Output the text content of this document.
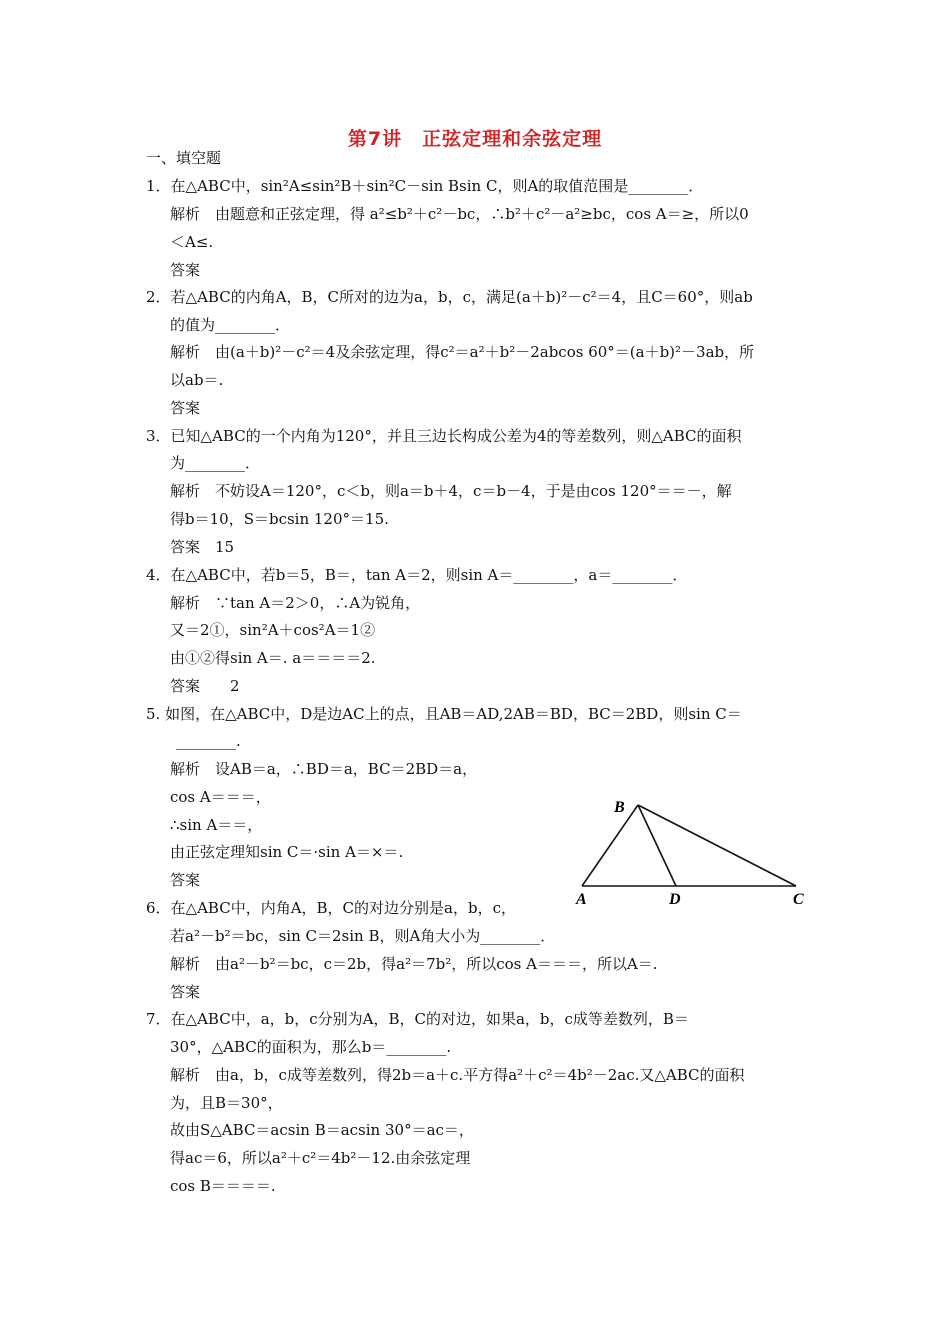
第7讲　正弦定理和余弦定理
一、填空题
1．在△ABC中，sin²A≤sin²B＋sin²C－sin Bsin C，则A的取值范围是________．
解析　由题意和正弦定理，得 a²≤b²＋c²－bc，∴b²＋c²－a²≥bc，cos A＝≥，所以0
＜A≤.
答案
2．若△ABC的内角A，B，C所对的边为a，b，c，满足(a＋b)²－c²＝4，且C＝60°，则ab
的值为________．
解析　由(a＋b)²－c²＝4及余弦定理，得c²＝a²＋b²－2abcos 60°＝(a＋b)²－3ab，所
以ab＝.
答案
3．已知△ABC的一个内角为120°，并且三边长构成公差为4的等差数列，则△ABC的面积
为________．
解析　不妨设A＝120°，c＜b，则a＝b＋4，c＝b－4，于是由cos 120°＝＝－，解
得b＝10，S＝bcsin 120°＝15.
答案　15
4．在△ABC中，若b＝5，B＝，tan A＝2，则sin A＝________，a＝________．
解析　∵tan A＝2＞0，∴A为锐角，
又＝2①，sin²A＋cos²A＝1②
由①②得sin A＝. a＝＝＝＝2.
答案　　2
5. 如图，在△ABC中，D是边AC上的点，且AB＝AD,2AB＝BD，BC＝2BD，则sin C＝
________.
解析　设AB＝a，∴BD＝a，BC＝2BD＝a，
cos A＝＝＝，
∴sin A＝＝，
由正弦定理知sin C＝·sin A＝×＝.
答案
B
A	D	C
6．在△ABC中，内角A，B，C的对边分别是a，b，c，
若a²－b²＝bc，sin C＝2sin B，则A角大小为________．
解析　由a²－b²＝bc，c＝2b，得a²＝7b²，所以cos A＝＝＝，所以A＝.
答案
7．在△ABC中，a，b，c分别为A，B，C的对边，如果a，b，c成等差数列，B＝
30°，△ABC的面积为，那么b＝________.
解析　由a，b，c成等差数列，得2b＝a＋c.平方得a²＋c²＝4b²－2ac.又△ABC的面积
为，且B＝30°，
故由S△ABC＝acsin B＝acsin 30°＝ac＝，
得ac＝6，所以a²＋c²＝4b²－12.由余弦定理
cos B＝＝＝＝.
